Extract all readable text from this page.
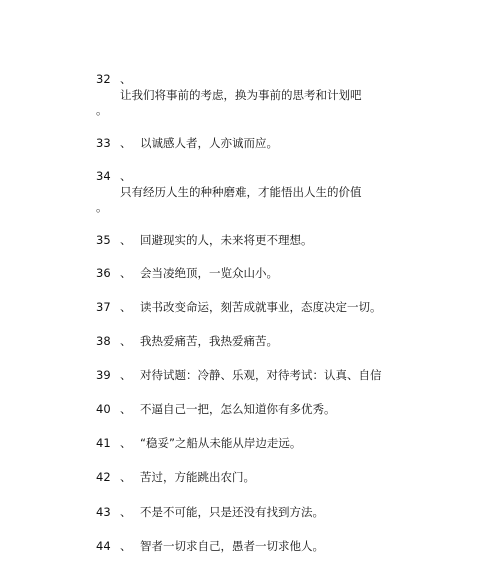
32 、
让我们将事前的考虑，换为事前的思考和计划吧
。
33 、 以诚感人者，人亦诚而应。
34 、
只有经历人生的种种磨难，才能悟出人生的价值
。
35 、 回避现实的人，未来将更不理想。
36 、 会当凌绝顶，一览众山小。
37 、 读书改变命运，刻苦成就事业，态度决定一切。
38 、 我热爱痛苦，我热爱痛苦。
39 、 对待试题：冷静、乐观，对待考试：认真、自信
40 、 不逼自己一把，怎么知道你有多优秀。
41 、 “稳妥”之船从未能从岸边走远。
42 、 苦过，方能跳出农门。
43 、 不是不可能，只是还没有找到方法。
44 、 智者一切求自己，愚者一切求他人。
